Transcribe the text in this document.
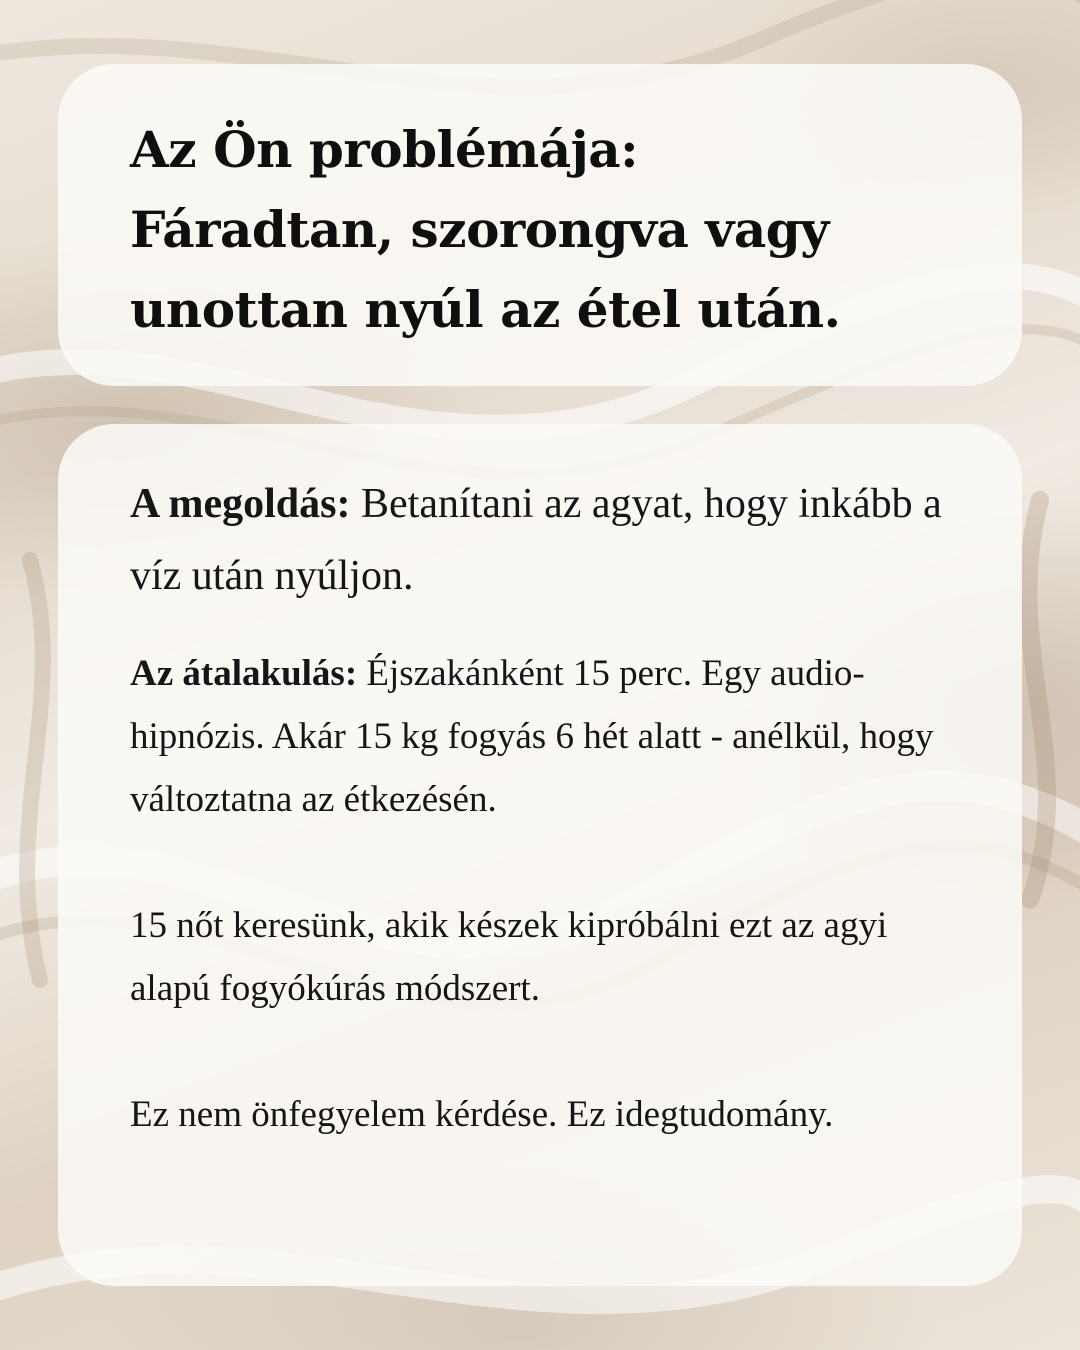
Az Ön problémája:
Fáradtan, szorongva vagy
unottan nyúl az étel után.

A megoldás: Betanítani az agyat, hogy inkább a víz után nyúljon.

Az átalakulás: Éjszakánként 15 perc. Egy audio-hipnózis. Akár 15 kg fogyás 6 hét alatt - anélkül, hogy változtatna az étkezésén.

15 nőt keresünk, akik készek kipróbálni ezt az agyi alapú fogyókúrás módszert.

Ez nem önfegyelem kérdése. Ez idegtudomány.
